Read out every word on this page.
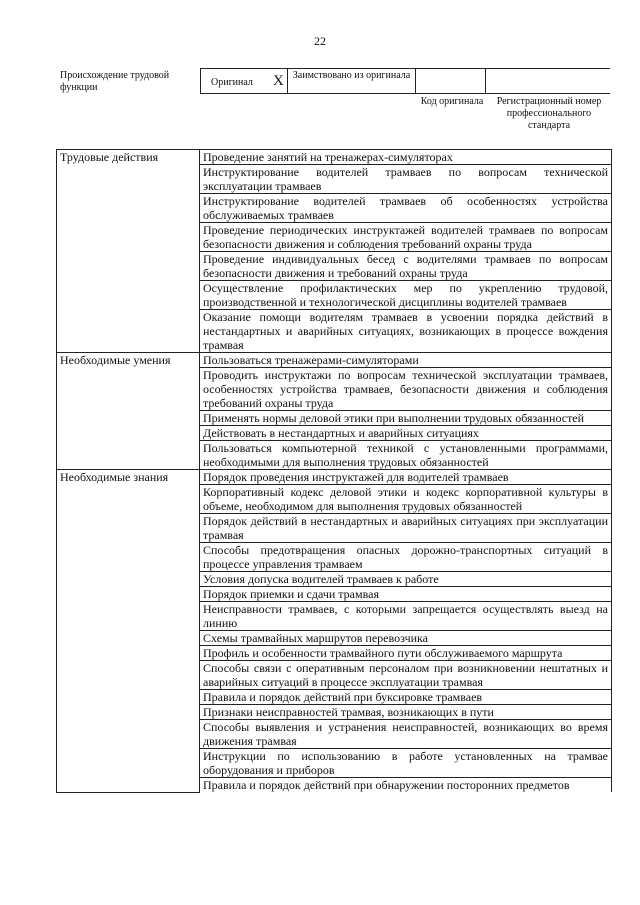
22
Происхождение трудовой функции	Оригинал X Заимствовано из оригинала
Код оригинала	Регистрационный номер профессионального стандарта
Трудовые действия	Проведение занятий на тренажерах-симуляторах
	Инструктирование водителей трамваев по вопросам технической эксплуатации трамваев
	Инструктирование водителей трамваев об особенностях устройства обслуживаемых трамваев
	Проведение периодических инструктажей водителей трамваев по вопросам безопасности движения и соблюдения требований охраны труда
	Проведение индивидуальных бесед с водителями трамваев по вопросам безопасности движения и требований охраны труда
	Осуществление профилактических мер по укреплению трудовой, производственной и технологической дисциплины водителей трамваев
	Оказание помощи водителям трамваев в усвоении порядка действий в нестандартных и аварийных ситуациях, возникающих в процессе вождения трамвая
Необходимые умения	Пользоваться тренажерами-симуляторами
	Проводить инструктажи по вопросам технической эксплуатации трамваев, особенностях устройства трамваев, безопасности движения и соблюдения требований охраны труда
	Применять нормы деловой этики при выполнении трудовых обязанностей
	Действовать в нестандартных и аварийных ситуациях
	Пользоваться компьютерной техникой с установленными программами, необходимыми для выполнения трудовых обязанностей
Необходимые знания	Порядок проведения инструктажей для водителей трамваев
	Корпоративный кодекс деловой этики и кодекс корпоративной культуры в объеме, необходимом для выполнения трудовых обязанностей
	Порядок действий в нестандартных и аварийных ситуациях при эксплуатации трамвая
	Способы предотвращения опасных дорожно-транспортных ситуаций в процессе управления трамваем
	Условия допуска водителей трамваев к работе
	Порядок приемки и сдачи трамвая
	Неисправности трамваев, с которыми запрещается осуществлять выезд на линию
	Схемы трамвайных маршрутов перевозчика
	Профиль и особенности трамвайного пути обслуживаемого маршрута
	Способы связи с оперативным персоналом при возникновении нештатных и аварийных ситуаций в процессе эксплуатации трамвая
	Правила и порядок действий при буксировке трамваев
	Признаки неисправностей трамвая, возникающих в пути
	Способы выявления и устранения неисправностей, возникающих во время движения трамвая
	Инструкции по использованию в работе установленных на трамвае оборудования и приборов
	Правила и порядок действий при обнаружении посторонних предметов
